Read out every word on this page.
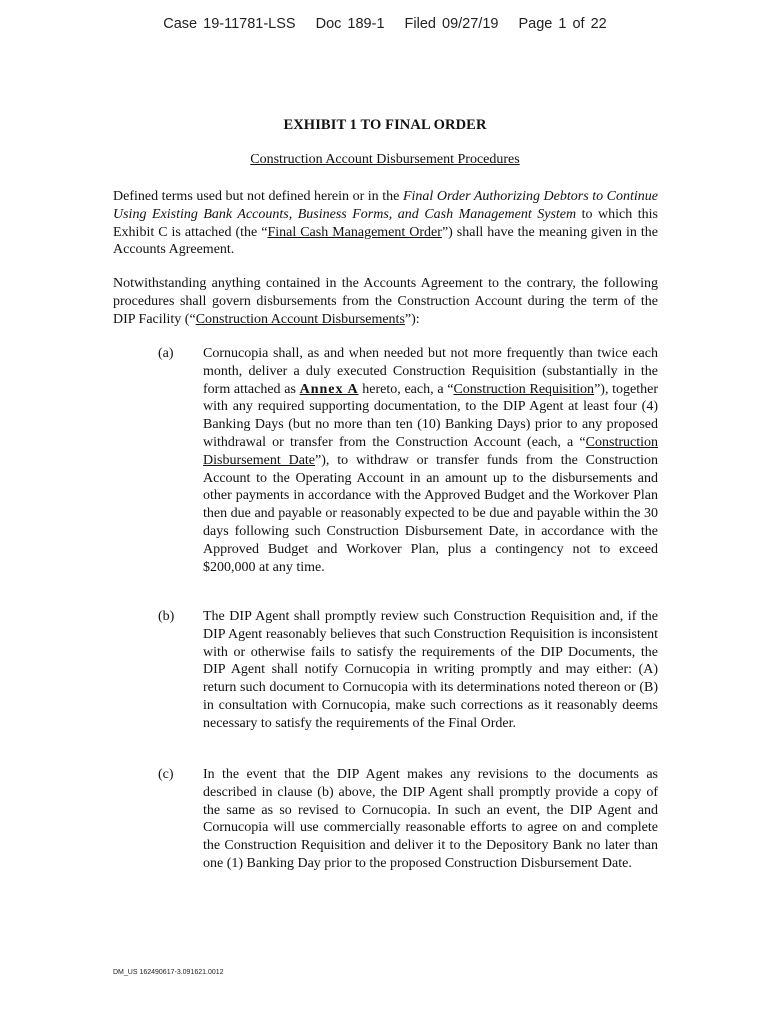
Case 19-11781-LSS Doc 189-1 Filed 09/27/19 Page 1 of 22
EXHIBIT 1 TO FINAL ORDER
Construction Account Disbursement Procedures

Defined terms used but not defined herein or in the Final Order Authorizing Debtors to Continue Using Existing Bank Accounts, Business Forms, and Cash Management System to which this Exhibit C is attached (the “Final Cash Management Order”) shall have the meaning given in the Accounts Agreement.

Notwithstanding anything contained in the Accounts Agreement to the contrary, the following procedures shall govern disbursements from the Construction Account during the term of the DIP Facility (“Construction Account Disbursements”):

(a) Cornucopia shall, as and when needed but not more frequently than twice each month, deliver a duly executed Construction Requisition (substantially in the form attached as Annex A hereto, each, a “Construction Requisition”), together with any required supporting documentation, to the DIP Agent at least four (4) Banking Days (but no more than ten (10) Banking Days) prior to any proposed withdrawal or transfer from the Construction Account (each, a “Construction Disbursement Date”), to withdraw or transfer funds from the Construction Account to the Operating Account in an amount up to the disbursements and other payments in accordance with the Approved Budget and the Workover Plan then due and payable or reasonably expected to be due and payable within the 30 days following such Construction Disbursement Date, in accordance with the Approved Budget and Workover Plan, plus a contingency not to exceed $200,000 at any time.

(b) The DIP Agent shall promptly review such Construction Requisition and, if the DIP Agent reasonably believes that such Construction Requisition is inconsistent with or otherwise fails to satisfy the requirements of the DIP Documents, the DIP Agent shall notify Cornucopia in writing promptly and may either: (A) return such document to Cornucopia with its determinations noted thereon or (B) in consultation with Cornucopia, make such corrections as it reasonably deems necessary to satisfy the requirements of the Final Order.

(c) In the event that the DIP Agent makes any revisions to the documents as described in clause (b) above, the DIP Agent shall promptly provide a copy of the same as so revised to Cornucopia. In such an event, the DIP Agent and Cornucopia will use commercially reasonable efforts to agree on and complete the Construction Requisition and deliver it to the Depository Bank no later than one (1) Banking Day prior to the proposed Construction Disbursement Date.

DM_US 162490617-3.091621.0012
